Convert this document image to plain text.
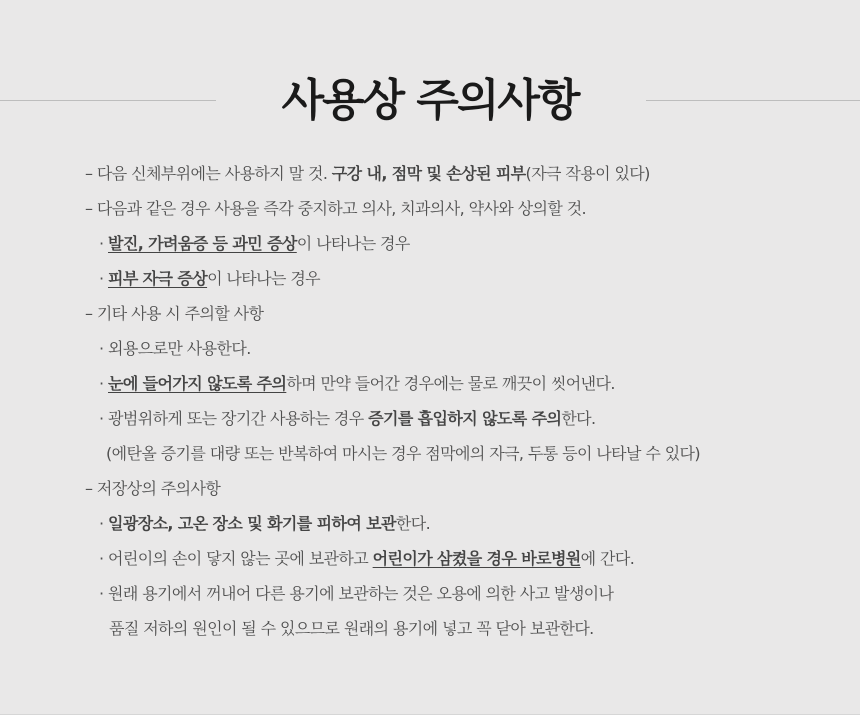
사용상 주의사항
– 다음 신체부위에는 사용하지 말 것. 구강 내, 점막 및 손상된 피부(자극 작용이 있다)
– 다음과 같은 경우 사용을 즉각 중지하고 의사, 치과의사, 약사와 상의할 것.
· 발진, 가려움증 등 과민 증상이 나타나는 경우
· 피부 자극 증상이 나타나는 경우
– 기타 사용 시 주의할 사항
· 외용으로만 사용한다.
· 눈에 들어가지 않도록 주의하며 만약 들어간 경우에는 물로 깨끗이 씻어낸다.
· 광범위하게 또는 장기간 사용하는 경우 증기를 흡입하지 않도록 주의한다.
(에탄올 증기를 대량 또는 반복하여 마시는 경우 점막에의 자극, 두통 등이 나타날 수 있다)
– 저장상의 주의사항
· 일광장소, 고온 장소 및 화기를 피하여 보관한다.
· 어린이의 손이 닿지 않는 곳에 보관하고 어린이가 삼켰을 경우 바로병원에 간다.
· 원래 용기에서 꺼내어 다른 용기에 보관하는 것은 오용에 의한 사고 발생이나
품질 저하의 원인이 될 수 있으므로 원래의 용기에 넣고 꼭 닫아 보관한다.
